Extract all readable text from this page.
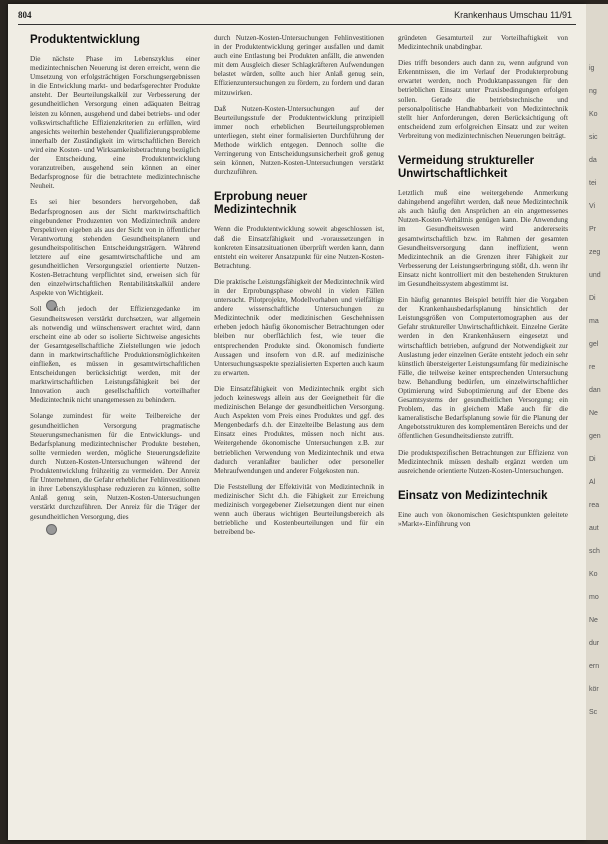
804	Krankenhaus Umschau 11/91
Produktentwicklung

Die nächste Phase im Lebenszyklus einer medizintechnischen Neuerung ist deren erreicht, wenn die Umsetzung von erfolgsträchtigen Forschungsergebnissen in die Entwicklung markt- und bedarfsgerechter Produkte ansteht. Der Beurteilungskalkül zur Verbesserung der gesundheitlichen Versorgung einen adäquaten Beitrag leisten zu können, ausgehend und dabei betriebs- und oder volkswirtschaftliche Effizienzkriterien zu erfüllen, wird angesichts weiterhin bestehender Qualifizierungsprobleme innerhalb der Zuständigkeit im wirtschaftlichen Bereich wird eine Kosten- und Wirksamkeitsbetrachtung bezüglich der Entscheidung, eine Produktentwicklung voranzutreiben, ausgehend sein können an einer Bedarfsprognose für die betrachtete medizintechnische Neuheit.

Es sei hier besonders hervorgehoben, daß Bedarfsprognosen aus der Sicht marktwirtschaftlich eingebundener Produzenten von Medizintechnik andere Perspektiven eigeben als aus der Sicht von in öffentlicher Verantwortung stehenden Gesundheitsplanern und gesundheitspolitischen Entscheidungsträgern. Während letztere auf eine gesamtwirtschaftliche und am gesundheitlichen Versorgungsziel orientierte Nutzen-Kosten-Betrachtung verpflichtet sind, erweisen sich für den einzelwirtschaftlichen Rentabilitätskalkül andere Aspekte von Wichtigkeit.

Soll sich jedoch der Effizienzgedanke im Gesundheitswesen verstärkt durchsetzen, war allgemein als notwendig und wünschenswert erachtet wird, dann erscheint eine ab oder so isolierte Sichtweise angesichts der Gesamtgesellschaftliche Zielstellungen wie jedoch dann in marktwirtschaftliche Produktionsmöglichkeiten einfließen, es müssen in gesamtwirtschaftlichen Entscheidungen berücksichtigt werden, mit der marktwirtschaftlichen Leistungsfähigkeit bei der Innovation auch gesellschaftlich vorteilhafter Medizintechnik nicht unangemessen zu behindern.

Solange zumindest für weite Teilbereiche der gesundheitlichen Versorgung pragmatische Steuerungsmechanismen für die Entwicklungs- und Bedarfsplanung medizintechnischer Produkte bestehen, sollte vermieden werden, mögliche Steuerungsdefizite durch Nutzen-Kosten-Untersuchungen während der Produktentwicklung frühzeitig zu vermeiden. Der Anreiz für Unternehmen, die Gefahr erheblicher Fehlinvestitionen in ihrer Lebenszyklusphase reduzieren zu können, sollte Anlaß genug sein, Nutzen-Kosten-Untersuchungen verstärkt durchzuführen. Der Anreiz für die Träger der gesundheitlichen Versorgung, dies

durch Nutzen-Kosten-Untersuchungen Fehlinvestitionen in der Produktentwicklung geringer ausfallen und damit auch eine Entlastung bei Produkten anfällt, die anwenden mit dem Ausgleich dieser Schlagkräfteren Aufwendungen belastet würden, sollte auch hier Anlaß genug sein, Effizienzuntersuchungen zu fördern, zu fordern und daran mitzuwirken.

Daß Nutzen-Kosten-Untersuchungen auf der Beurteilungsstufe der Produktentwicklung prinzipiell immer noch erheblichen Beurteilungsproblemen unterliegen, steht einer formalisierten Durchführung der Methode wirklich entgegen. Dennoch sollte die Verringerung von Entscheidungsunsicherheit groß genug sein können, Nutzen-Kosten-Untersuchungen verstärkt durchzuführen.

Erprobung neuer Medizintechnik

Wenn die Produktentwicklung soweit abgeschlossen ist, daß die Einsatzfähigkeit und -voraussetzungen in konkreten Einsatzsituationen überprüft werden kann, dann entsteht ein weiterer Ansatzpunkt für eine Nutzen-Kosten-Betrachtung.

Die praktische Leistungsfähigkeit der Medizintechnik wird in der Erprobungsphase obwohl in vielen Fällen untersucht. Pilotprojekte, Modellvorhaben und vielfältige andere wissenschaftliche Untersuchungen zu Medizintechnik oder medizinischen Geschehnissen erheben jedoch häufig ökonomischer Betrachtungen oder bleiben nur oberflächlich fest, wie teuer die entsprechenden Produkte sind. Ökonomisch fundierte Aussagen und insofern von d.R. auf medizinische Untersuchungsaspekte spezialisierten Experten auch kaum zu erwarten.

Die Einsatzfähigkeit von Medizintechnik ergibt sich jedoch keineswegs allein aus der Geeignetheit für die medizinischen Belange der gesundheitlichen Versorgung. Auch Aspekten vom Preis eines Produktes und ggf. des Mengenbedarfs d.h. der Einzelteilbe Belastung aus dem Einsatz eines Produktes, müssen noch nicht aus. Weitergehende ökonomische Untersuchungen z.B. zur betrieblichen Verwendung von Medizintechnik und etwa dadurch veranlaßter baulicher oder personeller Mehraufwendungen und anderer Folgekosten nun.

Die Feststellung der Effektivität von Medizintechnik in medizinischer Sicht d.h. die Fähigkeit zur Erreichung medizinisch vorgegebener Zielsetzungen dient nur einen wenn auch überaus wichtigen Beurteilungsbereich als betriebliche und Kostenbeurteilungen und für ein betreibend be-

gründeten Gesamturteil zur Vorteilhaftigkeit von Medizintechnik unabdingbar.

Dies trifft besonders auch dann zu, wenn aufgrund von Erkenntnissen, die im Verlauf der Produkterprobung erwartet werden, noch Produktanpassungen für den betrieblichen Einsatz unter Praxisbedingungen erfolgen sollen. Gerade die betriebstechnische und personalpolitische Handhabbarkeit von Medizintechnik stellt hier Anforderungen, deren Berücksichtigung oft entscheidend zum erfolgreichen Einsatz und zur weiten Verbreitung von medizintechnischen Neuerungen beiträgt.

Vermeidung struktureller Unwirtschaftlichkeit

Letztlich muß eine weitergehende Anmerkung dahingehend angeführt werden, daß neue Medizintechnik als auch häufig den Ansprüchen an ein angemessenes Nutzen-Kosten-Verhältnis genügen kann. Die Anwendung im Gesundheitswesen wird andererseits gesamtwirtschaftlich bzw. im Rahmen der gesamten Gesundheitsversorgung dann ineffizient, wenn Medizintechnik an die Grenzen ihrer Fähigkeit zur Verbesserung der Leistungserbringung stößt, d.h. wenn ihr Einsatz nicht kontrolliert mit den bestehenden Strukturen im Gesundheitssystem abgestimmt ist.

Ein häufig genanntes Beispiel betrifft hier die Vorgaben der Krankenhausbedarfsplanung hinsichtlich der Leistungsgrößen von Computertomographen aus der Gefahr struktureller Unwirtschaftlichkeit. Einzelne Geräte werden in den Krankenhäusern eingesetzt und wirtschaftlich betrieben, aufgrund der Notwendigkeit zur Auslastung jeder einzelnen Geräte entsteht jedoch ein sehr künstlich übersteigerter Leistungsumfang für medizinische Fälle, die teilweise keiner entsprechenden Untersuchung bzw. Behandlung bedürfen, um einzelwirtschaftlicher Optimierung wird Suboptimierung auf der Ebene des Gesamtsystems der gesundheitlichen Versorgung; ein Problem, das in gleichem Maße auch für die kameralistische Bedarfsplanung sowie für die Planung der Angebotsstrukturen des komplementären Bereichs und der öffentlichen Gesundheitsdienste zutrifft.

Die produktspezifischen Betrachtungen zur Effizienz von Medizintechnik müssen deshalb ergänzt werden um ausreichende orientierte Nutzen-Kosten-Untersuchungen.

Einsatz von Medizintechnik

Eine auch von ökonomischen Gesichtspunkten geleitete »Markt«-Einführung von

ig
ng
Ko
sic
da
tei
Vi
Pr
zeg
und
Di
ma
gel
re
dan
Ne
gen
Di
Al
rea
aut
sch
Ko
mo
Ne
dur
ern
kör
Sc
